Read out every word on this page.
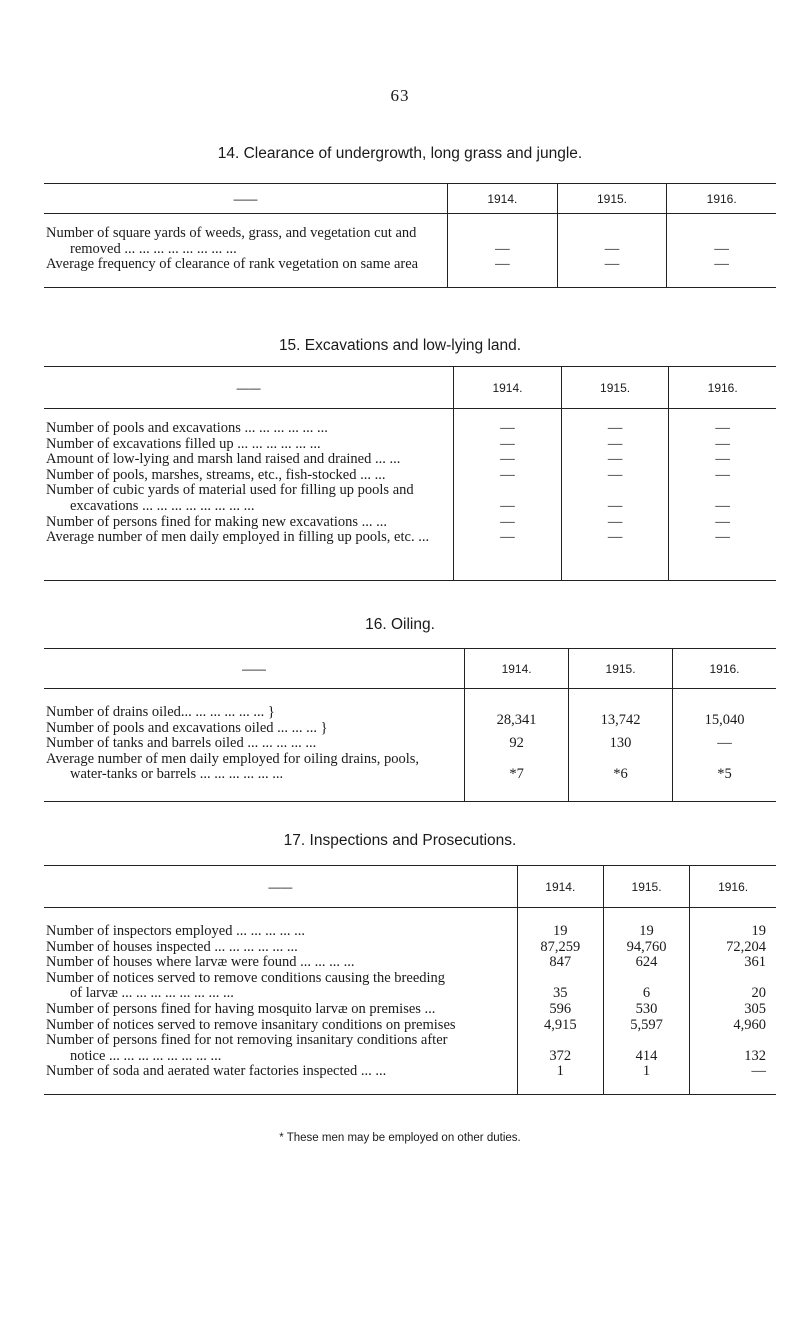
63
14. Clearance of undergrowth, long grass and jungle.
——	1914.	1915.	1916.

Number of square yards of weeds, grass, and vegetation cut and
removed ... ... ... ... ... ... ... ...	—	—	—

Average frequency of clearance of rank vegetation on same area	—	—	—
15. Excavations and low-lying land.
——	1914.	1915.	1916.

Number of pools and excavations ... ... ... ... ... ...	—	—	—

Number of excavations filled up ... ... ... ... ... ...	—	—	—

Amount of low-lying and marsh land raised and drained ... ...	—	—	—

Number of pools, marshes, streams, etc., fish-stocked ... ...	—	—	—

Number of cubic yards of material used for filling up pools and
excavations ... ... ... ... ... ... ... ...	—	—	—

Number of persons fined for making new excavations ... ...	—	—	—

Average number of men daily employed in filling up pools, etc. ...	—	—	—
16. Oiling.
——	1914.	1915.	1916.

Number of drains oiled... ... ... ... ... ... }
Number of pools and excavations oiled ... ... ... }	28,341	13,742	15,040

Number of tanks and barrels oiled ... ... ... ... ...	92	130	—

Average number of men daily employed for oiling drains, pools,
water-tanks or barrels ... ... ... ... ... ...	*7	*6	*5
17. Inspections and Prosecutions.
——	1914.	1915.	1916.

Number of inspectors employed ... ... ... ... ...	19	19	19

Number of houses inspected ... ... ... ... ... ...	87,259	94,760	72,204

Number of houses where larvæ were found ... ... ... ...	847	624	361

Number of notices served to remove conditions causing the breeding
of larvæ ... ... ... ... ... ... ... ...	35	6	20

Number of persons fined for having mosquito larvæ on premises ...	596	530	305

Number of notices served to remove insanitary conditions on premises	4,915	5,597	4,960

Number of persons fined for not removing insanitary conditions after
notice ... ... ... ... ... ... ... ...	372	414	132

Number of soda and aerated water factories inspected ... ...	1	1	—
* These men may be employed on other duties.
